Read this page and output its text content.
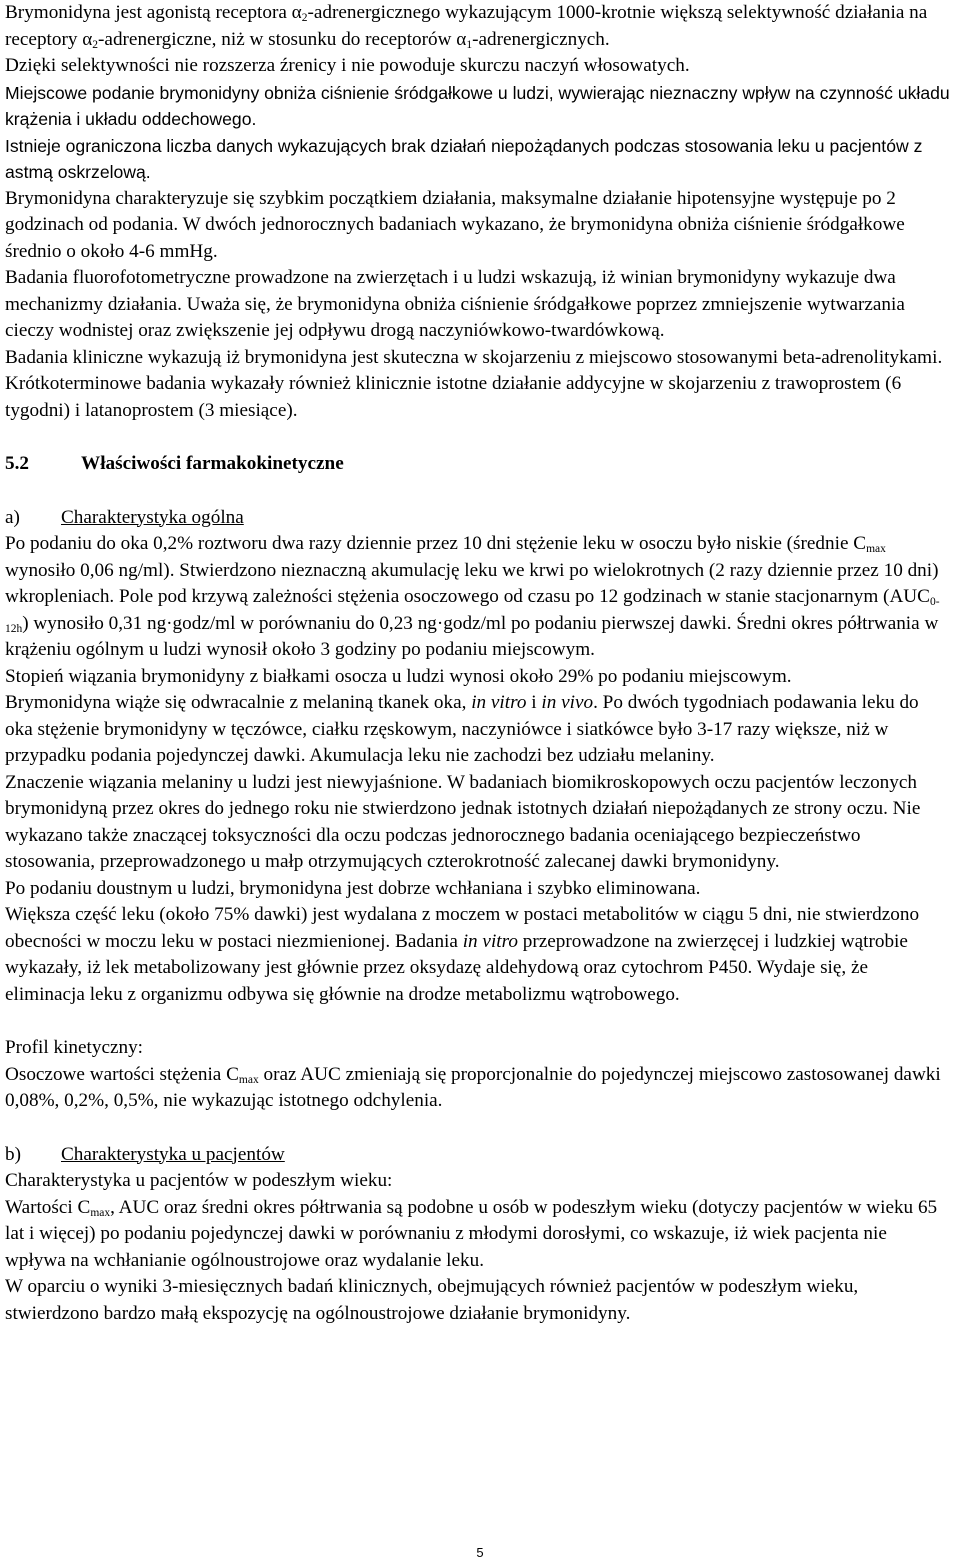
Brymonidyna jest agonistą receptora $\alpha_2$-adrenergicznego wykazującym 1000-krotnie większą selektywność działania na receptory $\alpha_2$-adrenergiczne, niż w stosunku do receptorów $\alpha_1$-adrenergicznych.

Dzięki selektywności nie rozszerza źrenicy i nie powoduje skurczu naczyń włosowatych.

Miejscowe podanie brymonidyny obniża ciśnienie śródgałkowe u ludzi, wywierając nieznaczny wpływ na czynność układu krążenia i układu oddechowego.

Istnieje ograniczona liczba danych wykazujących brak działań niepożądanych podczas stosowania leku u pacjentów z astmą oskrzelową.

Brymonidyna charakteryzuje się szybkim początkiem działania, maksymalne działanie hipotensyjne występuje po 2 godzinach od podania. W dwóch jednorocznych badaniach wykazano, że brymonidyna obniża ciśnienie śródgałkowe średnio o około 4-6 mmHg.

Badania fluorofotometryczne prowadzone na zwierzętach i u ludzi wskazują, iż winian brymonidyny wykazuje dwa mechanizmy działania. Uważa się, że brymonidyna obniża ciśnienie śródgałkowe poprzez zmniejszenie wytwarzania cieczy wodnistej oraz zwiększenie jej odpływu drogą naczyniówkowo-twardówkową.

Badania kliniczne wykazują iż brymonidyna jest skuteczna w skojarzeniu z miejscowo stosowanymi beta-adrenolitykami. Krótkoterminowe badania wykazały również klinicznie istotne działanie addycyjne w skojarzeniu z trawoprostem (6 tygodni) i latanoprostem (3 miesiące).

5.2	Właściwości farmakokinetyczne

a) Charakterystyka ogólna

Po podaniu do oka 0,2% roztworu dwa razy dziennie przez 10 dni stężenie leku w osoczu było niskie (średnie $C_{max}$ wynosiło 0,06 ng/ml). Stwierdzono nieznaczną akumulację leku we krwi po wielokrotnych (2 razy dziennie przez 10 dni) wkropleniach. Pole pod krzywą zależności stężenia osoczowego od czasu po 12 godzinach w stanie stacjonarnym $(AUC_{0-12h})$ wynosiło 0,31 ng·godz/ml w porównaniu do 0,23 ng·godz/ml po podaniu pierwszej dawki. Średni okres półtrwania w krążeniu ogólnym u ludzi wynosił około 3 godziny po podaniu miejscowym.

Stopień wiązania brymonidyny z białkami osocza u ludzi wynosi około 29% po podaniu miejscowym.

Brymonidyna wiąże się odwracalnie z melaniną tkanek oka, in vitro i in vivo. Po dwóch tygodniach podawania leku do oka stężenie brymonidyny w tęczówce, ciałku rzęskowym, naczyniówce i siatkówce było 3-17 razy większe, niż w przypadku podania pojedynczej dawki. Akumulacja leku nie zachodzi bez udziału melaniny.

Znaczenie wiązania melaniny u ludzi jest niewyjaśnione. W badaniach biomikroskopowych oczu pacjentów leczonych brymonidyną przez okres do jednego roku nie stwierdzono jednak istotnych działań niepożądanych ze strony oczu. Nie wykazano także znaczącej toksyczności dla oczu podczas jednorocznego badania oceniającego bezpieczeństwo stosowania, przeprowadzonego u małp otrzymujących czterokrotność zalecanej dawki brymonidyny.

Po podaniu doustnym u ludzi, brymonidyna jest dobrze wchłaniana i szybko eliminowana.

Większa część leku (około 75% dawki) jest wydalana z moczem w postaci metabolitów w ciągu 5 dni, nie stwierdzono obecności w moczu leku w postaci niezmienionej. Badania in vitro przeprowadzone na zwierzęcej i ludzkiej wątrobie wykazały, iż lek metabolizowany jest głównie przez oksydazę aldehydową oraz cytochrom P450. Wydaje się, że eliminacja leku z organizmu odbywa się głównie na drodze metabolizmu wątrobowego.

Profil kinetyczny:

Osoczowe wartości stężenia $C_{max}$ oraz AUC zmieniają się proporcjonalnie do pojedynczej miejscowo zastosowanej dawki 0,08%, 0,2%, 0,5%, nie wykazując istotnego odchylenia.

b) Charakterystyka u pacjentów

Charakterystyka u pacjentów w podeszłym wieku:

Wartości $C_{max}$, AUC oraz średni okres półtrwania są podobne u osób w podeszłym wieku (dotyczy pacjentów w wieku 65 lat i więcej) po podaniu pojedynczej dawki w porównaniu z młodymi dorosłymi, co wskazuje, iż wiek pacjenta nie wpływa na wchłanianie ogólnoustrojowe oraz wydalanie leku.

W oparciu o wyniki 3-miesięcznych badań klinicznych, obejmujących również pacjentów w podeszłym wieku, stwierdzono bardzo małą ekspozycję na ogólnoustrojowe działanie brymonidyny.

5
